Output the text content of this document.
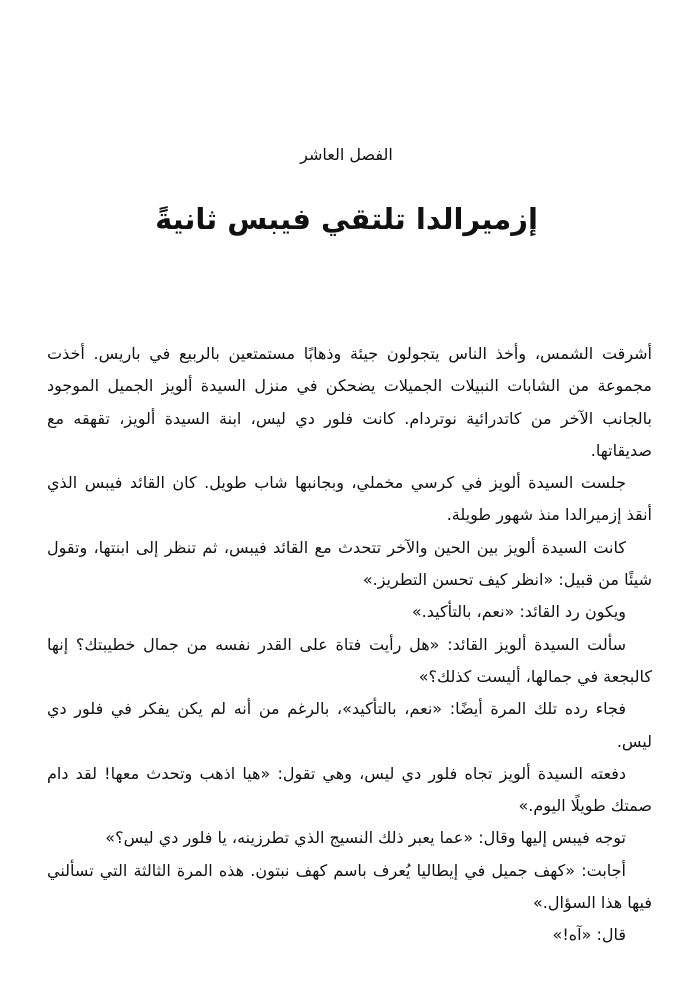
الفصل العاشر
إزميرالدا تلتقي فيبس ثانيةً

أشرقت الشمس، وأخذ الناس يتجولون جيئة وذهابًا مستمتعين بالربيع في باريس. أخذت مجموعة من الشابات النبيلات الجميلات يضحكن في منزل السيدة ألويز الجميل الموجود بالجانب الآخر من كاتدرائية نوتردام. كانت فلور دي ليس، ابنة السيدة ألويز، تقهقه مع صديقاتها.

جلست السيدة ألويز في كرسي مخملي، وبجانبها شاب طويل. كان القائد فيبس الذي أنقذ إزميرالدا منذ شهور طويلة.

كانت السيدة ألويز بين الحين والآخر تتحدث مع القائد فيبس، ثم تنظر إلى ابنتها، وتقول شيئًا من قبيل: «انظر كيف تحسن التطريز.»

ويكون رد القائد: «نعم، بالتأكيد.»

سألت السيدة ألويز القائد: «هل رأيت فتاة على القدر نفسه من جمال خطيبتك؟ إنها كالبجعة في جمالها، أليست كذلك؟»

فجاء رده تلك المرة أيضًا: «نعم، بالتأكيد»، بالرغم من أنه لم يكن يفكر في فلور دي ليس.

دفعته السيدة ألويز تجاه فلور دي ليس، وهي تقول: «هيا اذهب وتحدث معها! لقد دام صمتك طويلًا اليوم.»

توجه فيبس إليها وقال: «عما يعبر ذلك النسيج الذي تطرزينه، يا فلور دي ليس؟»

أجابت: «كهف جميل في إيطاليا يُعرف باسم كهف نبتون. هذه المرة الثالثة التي تسألني فيها هذا السؤال.»

قال: «آه!»
